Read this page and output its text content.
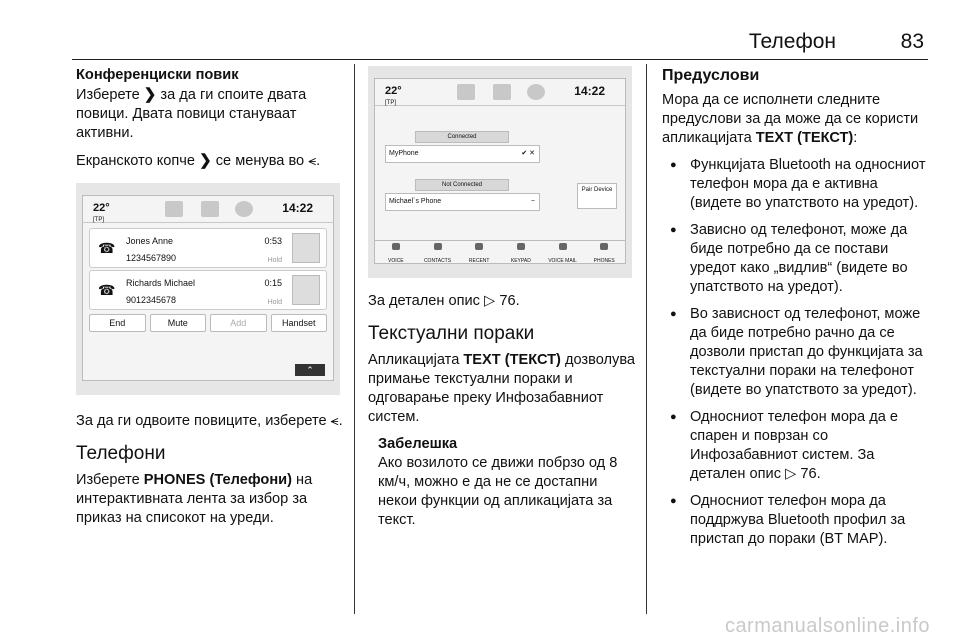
Телефон	83
Конференциски повик

Изберете ❯ за да ги споите двата повици. Двата повици стануваат активни.

Екранското копче ❯ се менува во ⪪.

22°
[TP]
14:22
☎ Jones Anne
1234567890
0:53
Hold
☎ Richards Michael
9012345678
0:15
Hold
End	Mute	Add	Handset
⌃

За да ги одвоите повиците, изберете ⪪.

Телефони

Изберете PHONES (Телефони) на интерактивната лента за избор за приказ на списокот на уреди.

22°
[TP]
14:22
Connected
MyPhone	✔ ✕
Not Connected
Michael`s Phone	−
Pair Device
VOICE	CONTACTS	RECENT	KEYPAD	VOICE MAIL	PHONES

За детален опис ▷ 76.

Текстуални пораки

Апликацијата TEXT (ТЕКСТ) дозволува примање текстуални пораки и одговарање преку Инфозабавниот систем.

Забелешка
Ако возилото се движи побрзо од 8 км/ч, можно е да не се достапни некои функции од апликацијата за текст.
Предуслови

Мора да се исполнети следните предуслови за да може да се користи апликацијата TEXT (ТЕКСТ):

● Функцијата Bluetooth на односниот телефон мора да е активна (видете во упатството на уредот).
● Зависно од телефонот, може да биде потребно да се постави уредот како „видлив“ (видете во упатството на уредот).
● Во зависност од телефонот, може да биде потребно рачно да се дозволи пристап до функцијата за текстуални пораки на телефонот (видете во упатството за уредот).
● Односниот телефон мора да е спарен и поврзан со Инфозабавниот систем. За детален опис ▷ 76.
● Односниот телефон мора да поддржува Bluetooth профил за пристап до пораки (BT MAP).
carmanualsonline.info
